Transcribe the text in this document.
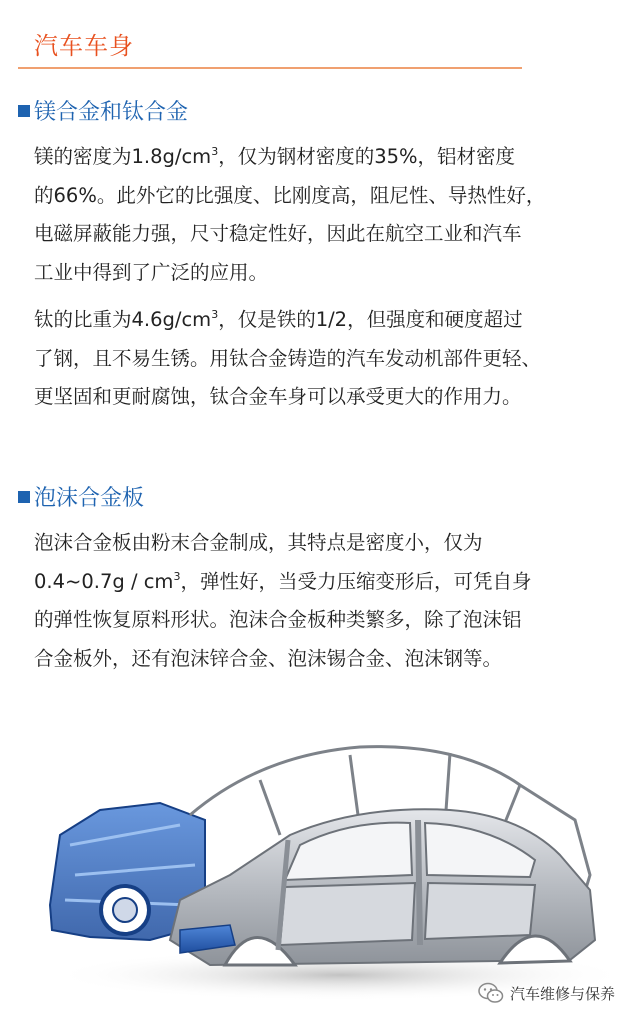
汽车车身
镁合金和钛合金
镁的密度为$1.8g/cm^3$，仅为钢材密度的35%，铝材密度
的66%。此外它的比强度、比刚度高，阻尼性、导热性好，
电磁屏蔽能力强，尺寸稳定性好，因此在航空工业和汽车
工业中得到了广泛的应用。
钛的比重为$4.6g/cm^3$，仅是铁的1/2，但强度和硬度超过
了钢，且不易生锈。用钛合金铸造的汽车发动机部件更轻、
更坚固和更耐腐蚀，钛合金车身可以承受更大的作用力。
泡沫合金板
泡沫合金板由粉末合金制成，其特点是密度小，仅为
0.4~0.7g / $cm^3$，弹性好，当受力压缩变形后，可凭自身
的弹性恢复原料形状。泡沫合金板种类繁多，除了泡沫铝
合金板外，还有泡沫锌合金、泡沫锡合金、泡沫钢等。
汽车维修与保养
